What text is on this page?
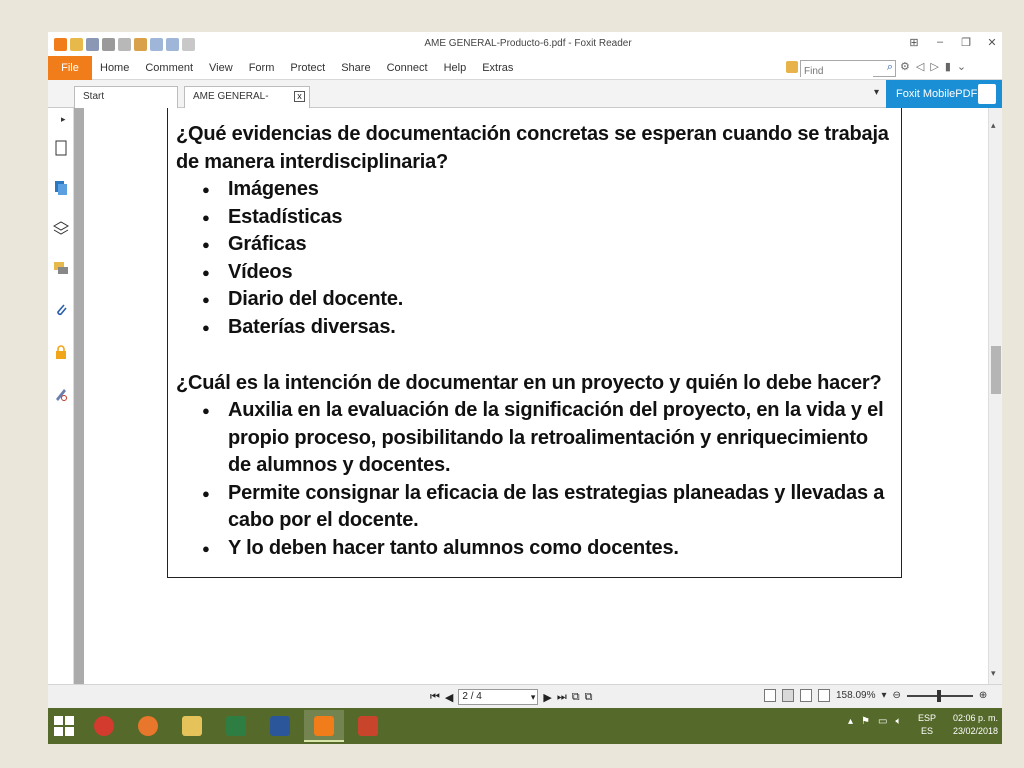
AME GENERAL-Producto-6.pdf - Foxit Reader	⊞ – ❐ ✕
File	Home	Comment	View	Form	Protect	Share	Connect	Help	Extras
Find	⌕ ⚙ ◁ ▷ ▮ ⌄
Start	AME GENERAL-	x	▾	Foxit MobilePDF
▸
¿Qué evidencias de documentación concretas se esperan cuando se trabaja de manera interdisciplinaria?
● Imágenes
● Estadísticas
● Gráficas
● Vídeos
● Diario del docente.
● Baterías diversas.
¿Cuál es la intención de documentar en un proyecto y quién lo debe hacer?
● Auxilia en la evaluación de la significación del proyecto, en la vida y el propio proceso, posibilitando la retroalimentación y enriquecimiento de alumnos y docentes.
● Permite consignar la eficacia de las estrategias planeadas y llevadas a cabo por el docente.
● Y lo deben hacer tanto alumnos como docentes.
▴
▾
⏮ ◀ 2 / 4 ▾	▶ ⏭ ⧉ ⧉	158.09% ▾ ⊖	⊕
▴ ⚑ ▭ 🔈︎ ESP
ES
02:06 p. m.
23/02/2018
